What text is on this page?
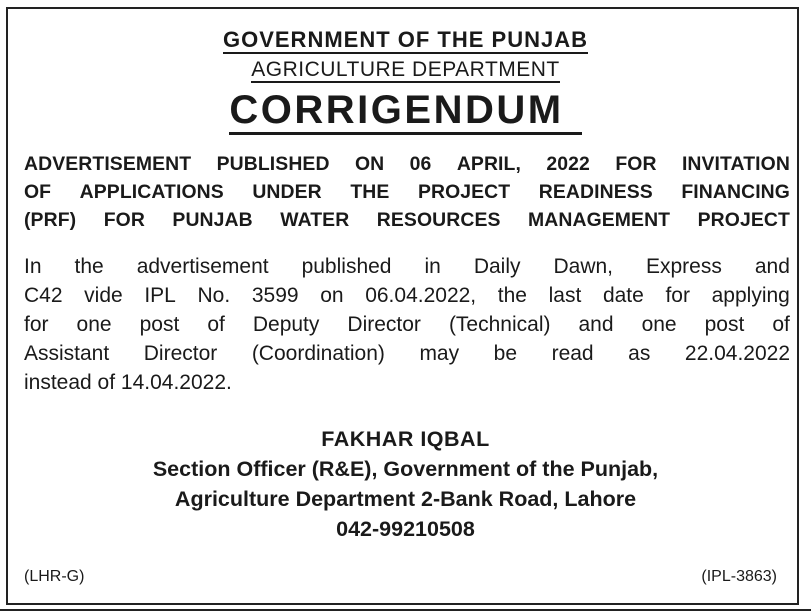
GOVERNMENT OF THE PUNJAB
AGRICULTURE DEPARTMENT
CORRIGENDUM
ADVERTISEMENT PUBLISHED ON 06 APRIL, 2022 FOR INVITATION
OF APPLICATIONS UNDER THE PROJECT READINESS FINANCING
(PRF) FOR PUNJAB WATER RESOURCES MANAGEMENT PROJECT
In the advertisement published in Daily Dawn, Express and
C42 vide IPL No. 3599 on 06.04.2022, the last date for applying
for one post of Deputy Director (Technical) and one post of
Assistant Director (Coordination) may be read as 22.04.2022
instead of 14.04.2022.
FAKHAR IQBAL
Section Officer (R&E), Government of the Punjab,
Agriculture Department 2-Bank Road, Lahore
042-99210508
(LHR-G)	(IPL-3863)
